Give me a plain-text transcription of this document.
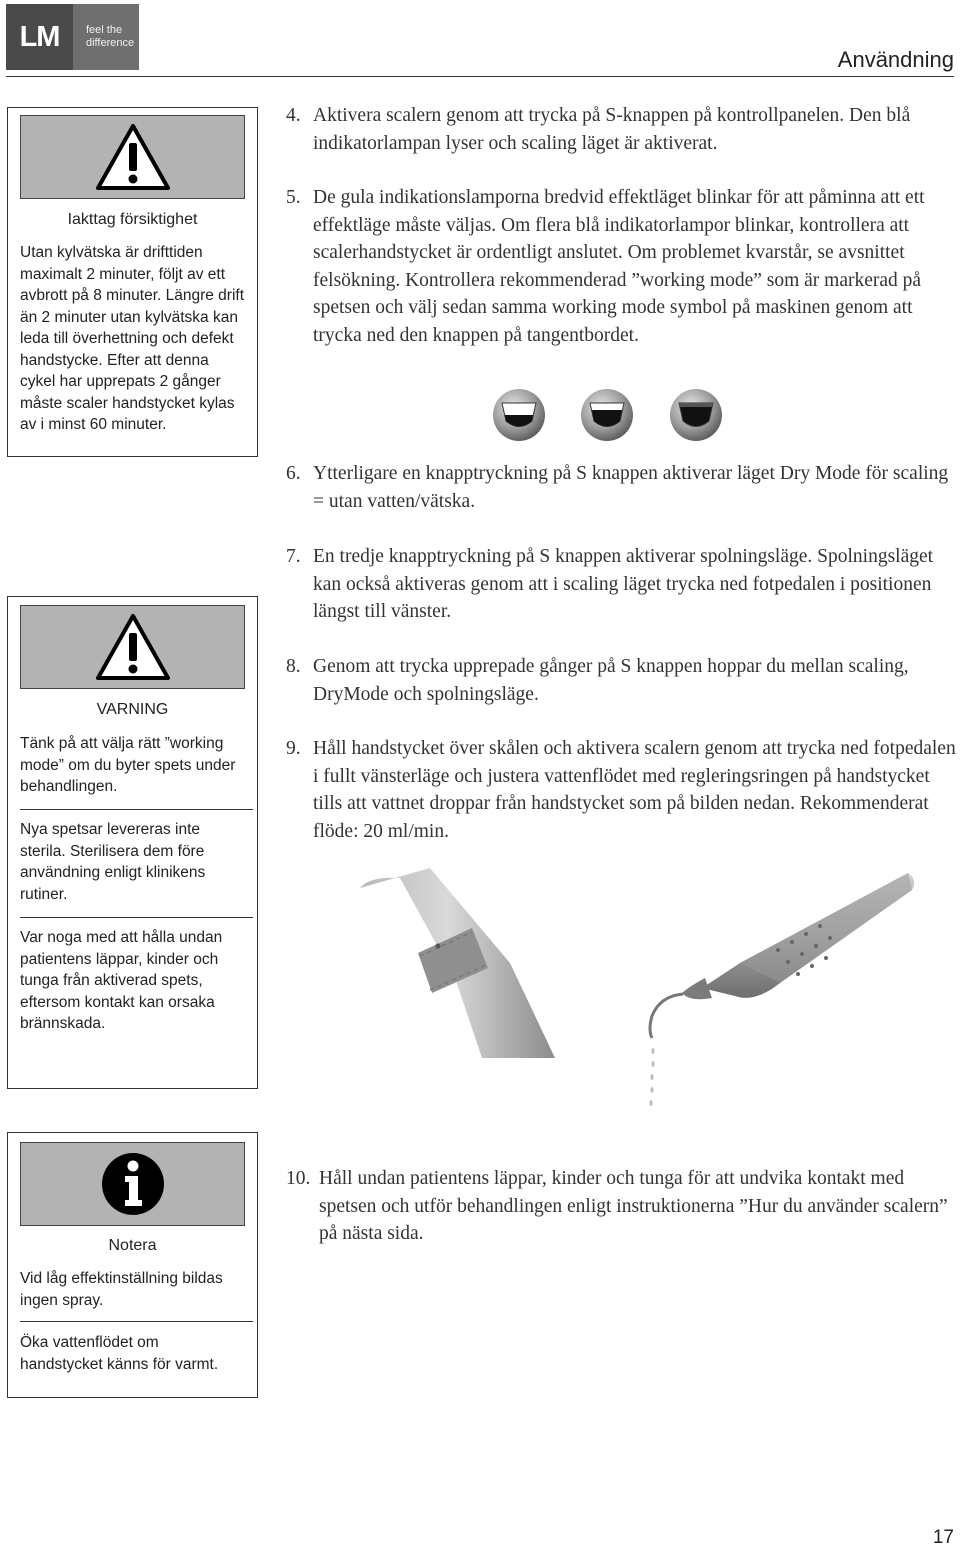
LM	feel the
difference
Användning
Iakttag försiktighet

Utan kylvätska är drifttiden maximalt 2 minuter, följt av ett avbrott på 8 minuter. Längre drift än 2 minuter utan kylvätska kan leda till överhettning och defekt handstycke. Efter att denna cykel har upprepats 2 gånger måste scaler handstycket kylas av i minst 60 minuter.

VARNING

Tänk på att välja rätt ”working mode” om du byter spets under behandlingen.

Nya spetsar levereras inte sterila. Sterilisera dem före användning enligt klinikens rutiner.

Var noga med att hålla undan patientens läppar, kinder och tunga från aktiverad spets, eftersom kontakt kan orsaka brännskada.

Notera

Vid låg effektinställning bildas ingen spray.

Öka vattenflödet om handstycket känns för varmt.

4. Aktivera scalern genom att trycka på S-knappen på kontrollpanelen. Den blå indikatorlampan lyser och scaling läget är aktiverat.
5. De gula indikationslamporna bredvid effektläget blinkar för att påminna att ett effektläge måste väljas. Om flera blå indikatorlampor blinkar, kontrollera att scalerhandstycket är ordentligt anslutet. Om problemet kvarstår, se avsnittet felsökning. Kontrollera rekommenderad ”working mode” som är markerad på spetsen och välj sedan samma working mode symbol på maskinen genom att trycka ned den knappen på tangentbordet.
6. Ytterligare en knapptryckning på S knappen aktiverar läget Dry Mode för scaling = utan vatten/vätska.
7. En tredje knapptryckning på S knappen aktiverar spolningsläge. Spolningsläget kan också aktiveras genom att i scaling läget trycka ned fotpedalen i positionen längst till vänster.
8. Genom att trycka upprepade gånger på S knappen hoppar du mellan scaling, DryMode och spolningsläge.
9. Håll handstycket över skålen och aktivera scalern genom att trycka ned fotpedalen i fullt vänsterläge och justera vattenflödet med regleringsringen på handstycket tills att vattnet droppar från handstycket som på bilden nedan. Rekommenderat flöde: 20 ml/min.
10. Håll undan patientens läppar, kinder och tunga för att undvika kontakt med spetsen och utför behandlingen enligt instruktionerna ”Hur du använder scalern” på nästa sida.
17
